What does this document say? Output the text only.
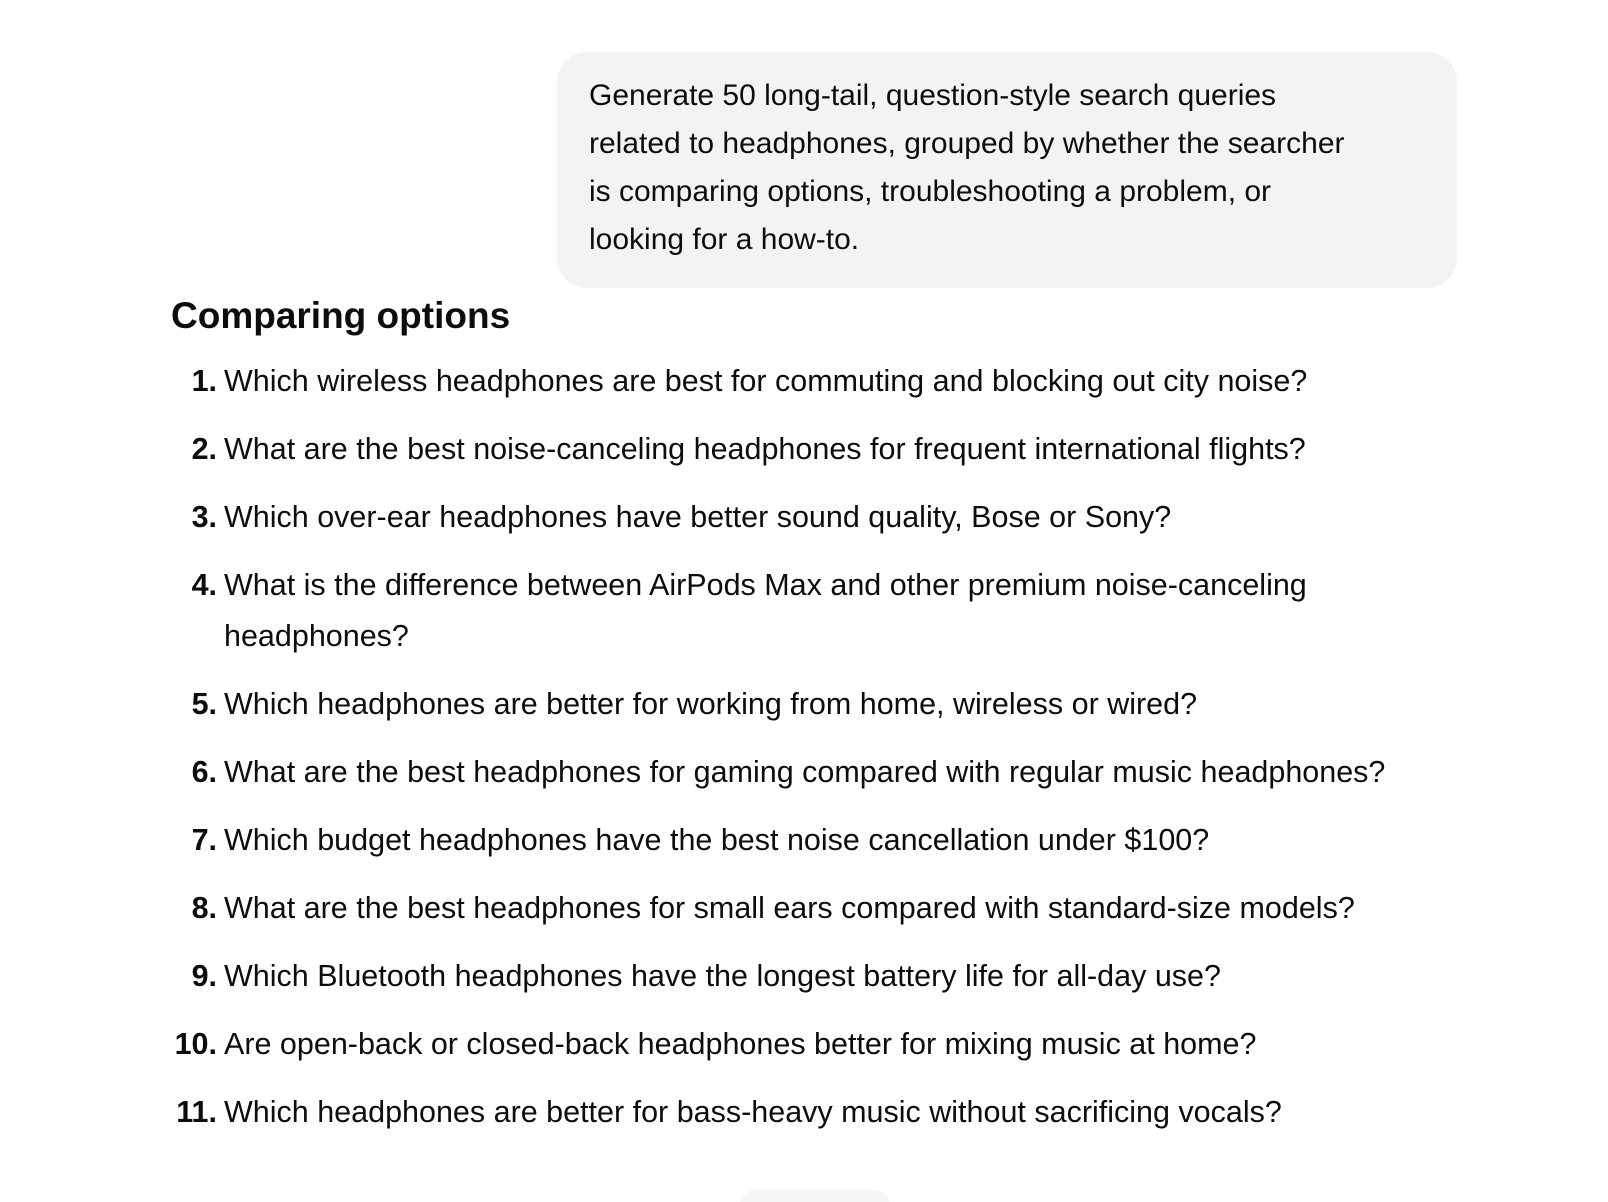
Generate 50 long-tail, question-style search queries
related to headphones, grouped by whether the searcher
is comparing options, troubleshooting a problem, or
looking for a how-to.
Comparing options
1. Which wireless headphones are best for commuting and blocking out city noise?
2. What are the best noise-canceling headphones for frequent international flights?
3. Which over-ear headphones have better sound quality, Bose or Sony?
4. What is the difference between AirPods Max and other premium noise-canceling headphones?
5. Which headphones are better for working from home, wireless or wired?
6. What are the best headphones for gaming compared with regular music headphones?
7. Which budget headphones have the best noise cancellation under $100?
8. What are the best headphones for small ears compared with standard-size models?
9. Which Bluetooth headphones have the longest battery life for all-day use?
10. Are open-back or closed-back headphones better for mixing music at home?
11. Which headphones are better for bass-heavy music without sacrificing vocals?
